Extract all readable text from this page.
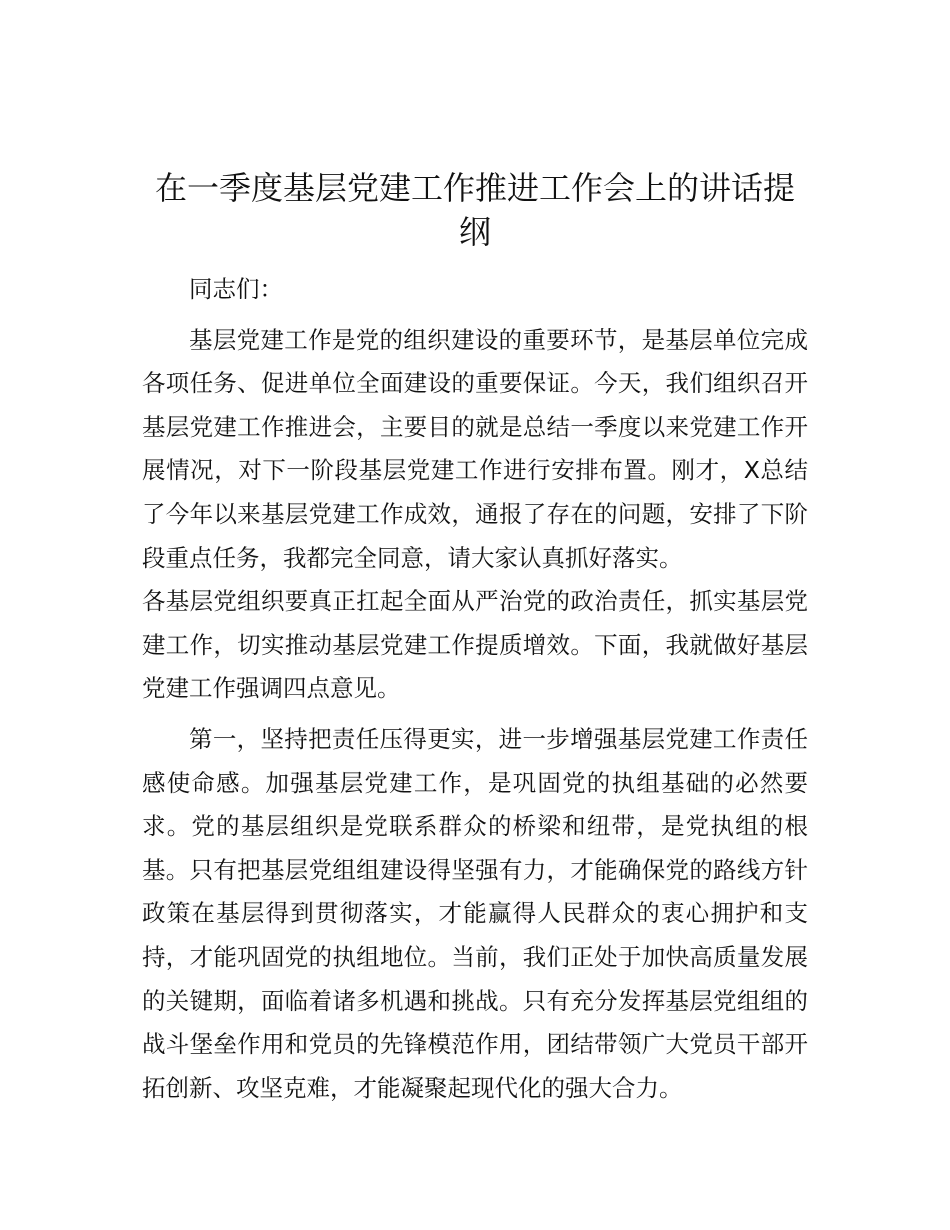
在一季度基层党建工作推进工作会上的讲话提纲

同志们：

基层党建工作是党的组织建设的重要环节，是基层单位完成各项任务、促进单位全面建设的重要保证。今天，我们组织召开基层党建工作推进会，主要目的就是总结一季度以来党建工作开展情况，对下一阶段基层党建工作进行安排布置。刚才，X总结了今年以来基层党建工作成效，通报了存在的问题，安排了下阶段重点任务，我都完全同意，请大家认真抓好落实。

各基层党组织要真正扛起全面从严治党的政治责任，抓实基层党建工作，切实推动基层党建工作提质增效。下面，我就做好基层党建工作强调四点意见。

第一，坚持把责任压得更实，进一步增强基层党建工作责任感使命感。加强基层党建工作，是巩固党的执组基础的必然要求。党的基层组织是党联系群众的桥梁和纽带，是党执组的根基。只有把基层党组组建设得坚强有力，才能确保党的路线方针政策在基层得到贯彻落实，才能赢得人民群众的衷心拥护和支持，才能巩固党的执组地位。当前，我们正处于加快高质量发展的关键期，面临着诸多机遇和挑战。只有充分发挥基层党组组的战斗堡垒作用和党员的先锋模范作用，团结带领广大党员干部开拓创新、攻坚克难，才能凝聚起现代化的强大合力。
